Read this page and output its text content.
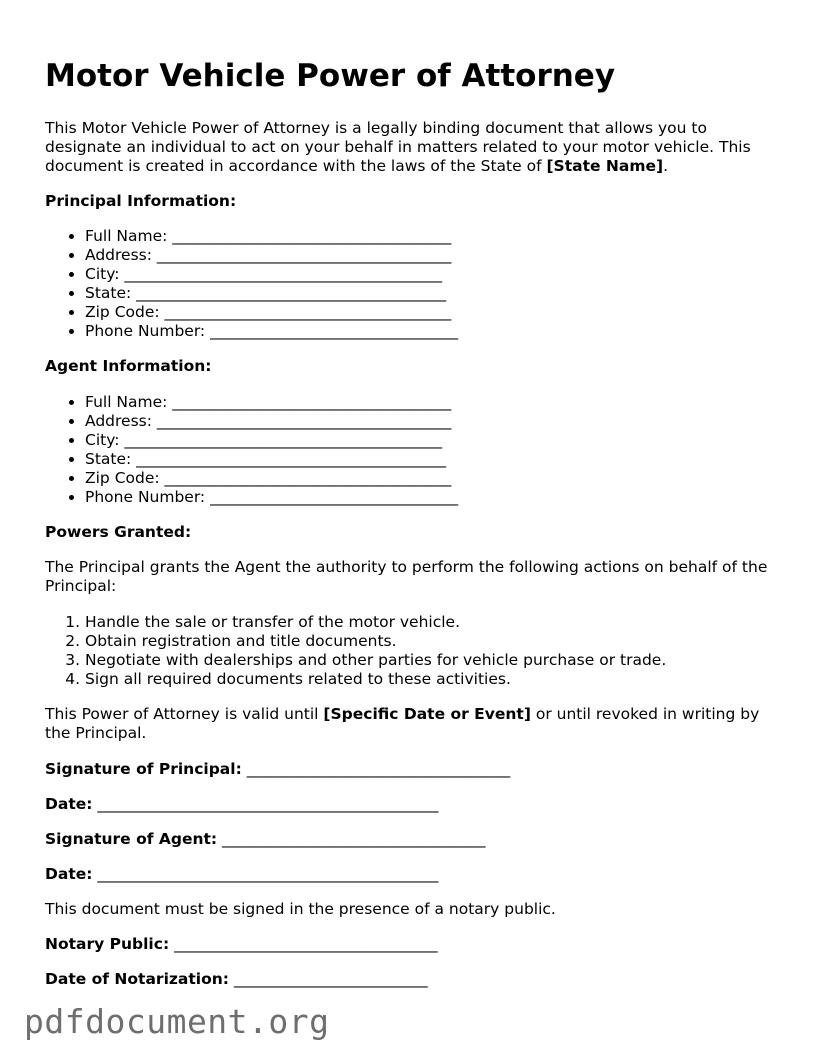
Motor Vehicle Power of Attorney

This Motor Vehicle Power of Attorney is a legally binding document that allows you to designate an individual to act on your behalf in matters related to your motor vehicle. This document is created in accordance with the laws of the State of [State Name].

Principal Information:

• Full Name: ____________________________________
• Address: ______________________________________
• City: _________________________________________
• State: ________________________________________
• Zip Code: _____________________________________
• Phone Number: ________________________________

Agent Information:

• Full Name: ____________________________________
• Address: ______________________________________
• City: _________________________________________
• State: ________________________________________
• Zip Code: _____________________________________
• Phone Number: ________________________________

Powers Granted:

The Principal grants the Agent the authority to perform the following actions on behalf of the Principal:

1. Handle the sale or transfer of the motor vehicle.
2. Obtain registration and title documents.
3. Negotiate with dealerships and other parties for vehicle purchase or trade.
4. Sign all required documents related to these activities.

This Power of Attorney is valid until [Specific Date or Event] or until revoked in writing by the Principal.

Signature of Principal: __________________________________

Date: ____________________________________________

Signature of Agent: __________________________________

Date: ____________________________________________

This document must be signed in the presence of a notary public.

Notary Public: __________________________________

Date of Notarization: _________________________

pdfdocument.org
